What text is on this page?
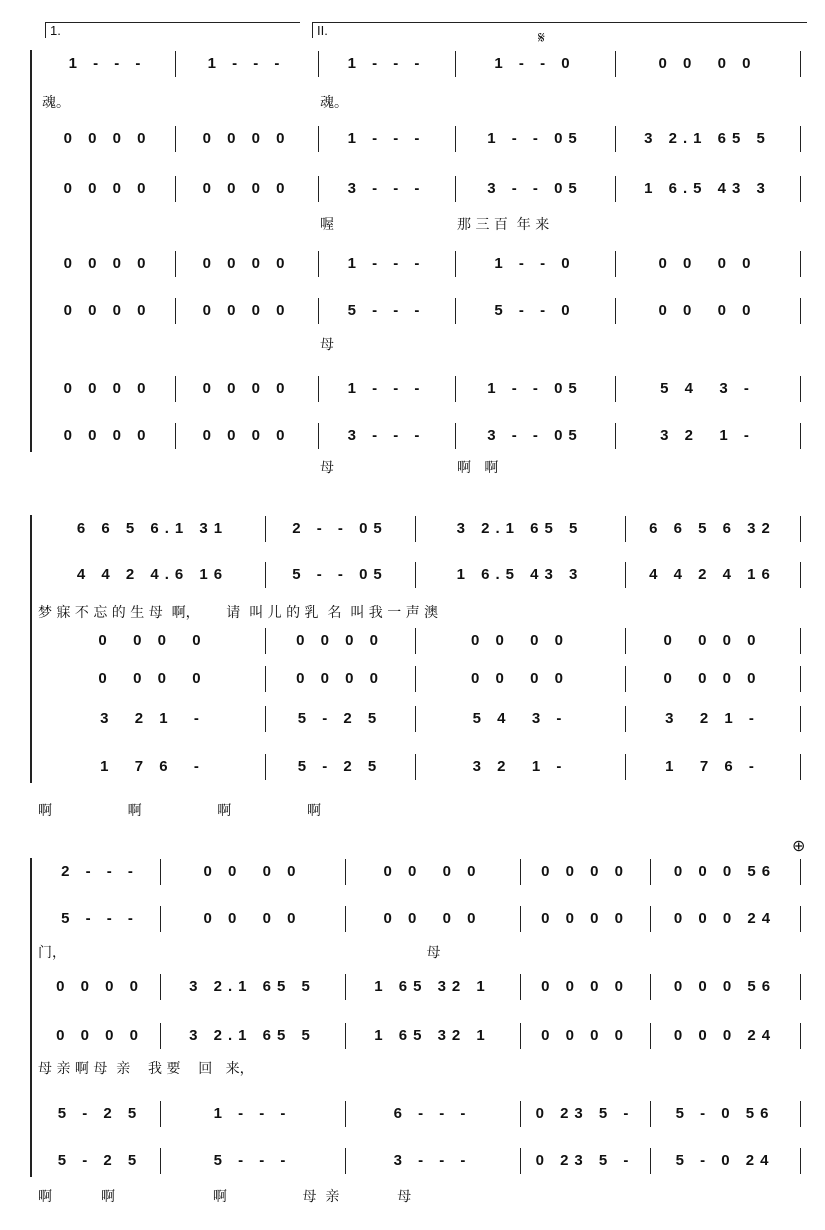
1 - - -	1 - - -	1 - - -	1 - - 0	0 0  0 0
0 0 0 0	0 0 0 0	1 - - -	1 - - 05	3 2.1 65 5
0 0 0 0	0 0 0 0	3 - - -	3 - - 05	1 6.5 43 3
0 0 0 0	0 0 0 0	1 - - -	1 - - 0	0 0  0 0
0 0 0 0	0 0 0 0	5 - - -	5 - - 0	0 0  0 0
0 0 0 0	0 0 0 0	1 - - -	1 - - 05	5 4  3 -
0 0 0 0	0 0 0 0	3 - - -	3 - - 05	3 2  1 -
魂。	魂。
喔	那 三 百  年 来
母
母	啊   啊
1.	II.	𝄋
6 6 5 6.1 31	2 - - 05	3 2.1 65 5	6 6 5 6 32
4 4 2 4.6 16	5 - - 05	1 6.5 43 3	4 4 2 4 16
0  0 0  0	0 0 0 0	0 0  0 0	0  0 0 0
0  0 0  0	0 0 0 0	0 0  0 0	0  0 0 0
3  2 1  -	5 - 2 5	5 4  3 -	3  2 1 -
1  7 6  -	5 - 2 5	3 2  1 -	1  7 6 -
梦 寐 不 忘 的 生 母  啊，      请  叫 儿 的 乳  名  叫 我 一 声 澳
啊                 啊                 啊                 啊
2 - - -	0 0  0 0	0 0  0 0	0 0 0 0	0 0 0 56
5 - - -	0 0  0 0	0 0  0 0	0 0 0 0	0 0 0 24
0 0 0 0	3 2.1 65 5	1 65 32 1	0 0 0 0	0 0 0 56
0 0 0 0	3 2.1 65 5	1 65 32 1	0 0 0 0	0 0 0 24
5 - 2 5	1 - - -	6 - - -	0 23 5 -	5 - 0 56
5 - 2 5	5 - - -	3 - - -	0 23 5 -	5 - 0 24
门，                                                                                 母
母 亲 啊 母  亲    我 要    回   来，
啊           啊                      啊                 母  亲             母
⊕
